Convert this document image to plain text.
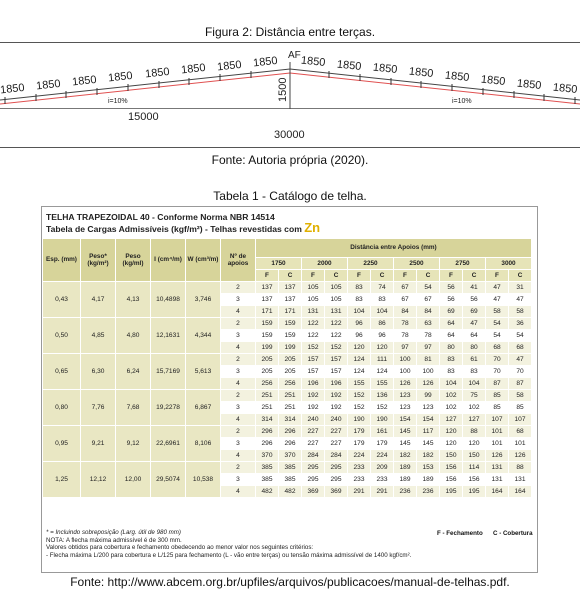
Figura 2: Distância entre terças.
1850 1850 1850 1850 1850 1850 1850 1850 1850 1850 1850 1850 1850 1850 1850 1850
i=10%	i=10%
AF
1500
15000
30000
Fonte: Autoria própria (2020).
Tabela 1 - Catálogo de telha.
TELHA TRAPEZOIDAL 40 - Conforme Norma NBR 14514
Tabela de Cargas Admissíveis (kgf/m²) - Telhas revestidas com Zn
Esp. (mm)	Peso* (kg/m²)	Peso (kg/ml)	I (cm⁴/m)	W (cm³/m)	Nº de apoios	Distância entre Apoios (mm)											
						1750		2000		2250		2500		2750		3000	
						F	C	F	C	F	C	F	C	F	C	F	C
0,43	4,17	4,13	10,4898	3,746	2	137	137	105	105	83	74	67	54	56	41	47	31
					3	137	137	105	105	83	83	67	67	56	56	47	47
					4	171	171	131	131	104	104	84	84	69	69	58	58
0,50	4,85	4,80	12,1631	4,344	2	159	159	122	122	96	86	78	63	64	47	54	36
					3	159	159	122	122	96	96	78	78	64	64	54	54
					4	199	199	152	152	120	120	97	97	80	80	68	68
0,65	6,30	6,24	15,7169	5,613	2	205	205	157	157	124	111	100	81	83	61	70	47
					3	205	205	157	157	124	124	100	100	83	83	70	70
					4	256	256	196	196	155	155	126	126	104	104	87	87
0,80	7,76	7,68	19,2278	6,867	2	251	251	192	192	152	136	123	99	102	75	85	58
					3	251	251	192	192	152	152	123	123	102	102	85	85
					4	314	314	240	240	190	190	154	154	127	127	107	107
0,95	9,21	9,12	22,6961	8,106	2	296	296	227	227	179	161	145	117	120	88	101	68
					3	296	296	227	227	179	179	145	145	120	120	101	101
					4	370	370	284	284	224	224	182	182	150	150	126	126
1,25	12,12	12,00	29,5074	10,538	2	385	385	295	295	233	209	189	153	156	114	131	88
					3	385	385	295	295	233	233	189	189	156	156	131	131
					4	482	482	369	369	291	291	236	236	195	195	164	164
* = Incluindo sobreposição (Larg. útil de 980 mm)
NOTA: A flecha máxima admissível é de 300 mm.
Valores obtidos para cobertura e fechamento obedecendo ao menor valor nos seguintes critérios:
- Flecha máxima L/200 para cobertura e L/125 para fechamento (L - vão entre terças) ou tensão máxima admissível de 1400 kgf/cm².
F - Fechamento C - Cobertura
Fonte: http://www.abcem.org.br/upfiles/arquivos/publicacoes/manual-de-telhas.pdf.
